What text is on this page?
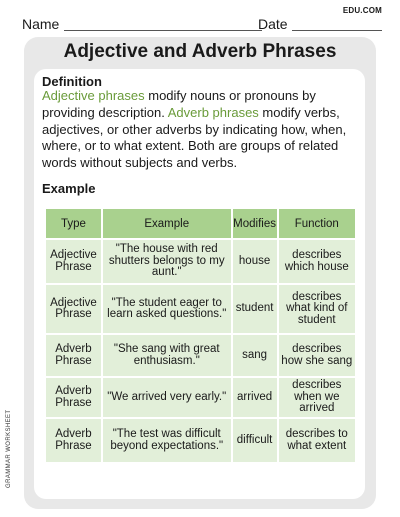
Name	Date
EDU.COM
Adjective and Adverb Phrases
Definition

Adjective phrases modify nouns or pronouns by providing description. Adverb phrases modify verbs, adjectives, or other adverbs by indicating how, when, where, or to what extent. Both are groups of related words without subjects and verbs.

Example
Type	Example	Modifies	Function
Adjective Phrase	"The house with red shutters belongs to my aunt."	house	describes which house
Adjective Phrase	"The student eager to learn asked questions."	student	describes what kind of student
Adverb Phrase	"She sang with great enthusiasm."	sang	describes how she sang
Adverb Phrase	"We arrived very early."	arrived	describes when we arrived
Adverb Phrase	"The test was difficult beyond expectations."	difficult	describes to what extent
GRAMMAR WORKSHEET
